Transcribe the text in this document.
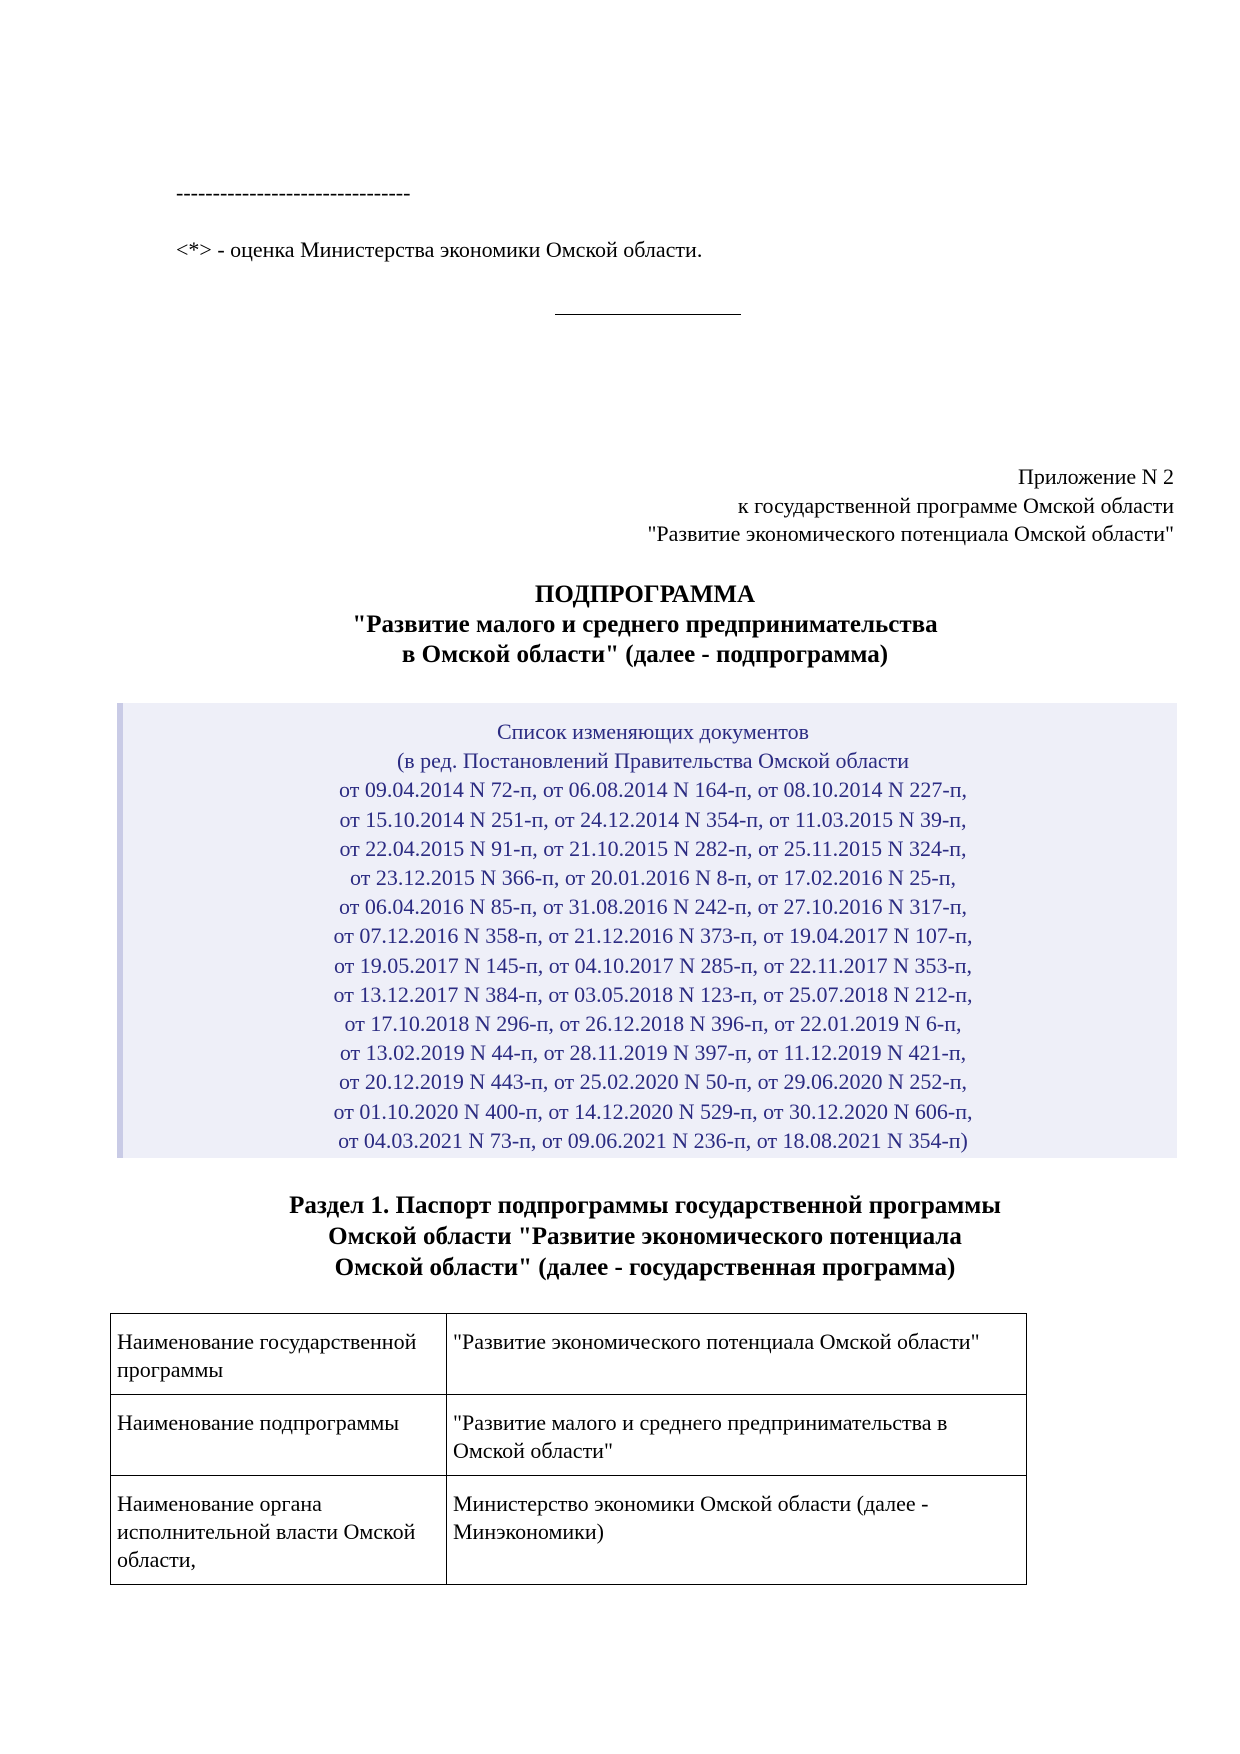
--------------------------------
<*> - оценка Министерства экономики Омской области.
Приложение N 2
к государственной программе Омской области
"Развитие экономического потенциала Омской области"
ПОДПРОГРАММА
"Развитие малого и среднего предпринимательства
в Омской области" (далее - подпрограмма)
Список изменяющих документов
(в ред. Постановлений Правительства Омской области
от 09.04.2014 N 72-п, от 06.08.2014 N 164-п, от 08.10.2014 N 227-п,
от 15.10.2014 N 251-п, от 24.12.2014 N 354-п, от 11.03.2015 N 39-п,
от 22.04.2015 N 91-п, от 21.10.2015 N 282-п, от 25.11.2015 N 324-п,
от 23.12.2015 N 366-п, от 20.01.2016 N 8-п, от 17.02.2016 N 25-п,
от 06.04.2016 N 85-п, от 31.08.2016 N 242-п, от 27.10.2016 N 317-п,
от 07.12.2016 N 358-п, от 21.12.2016 N 373-п, от 19.04.2017 N 107-п,
от 19.05.2017 N 145-п, от 04.10.2017 N 285-п, от 22.11.2017 N 353-п,
от 13.12.2017 N 384-п, от 03.05.2018 N 123-п, от 25.07.2018 N 212-п,
от 17.10.2018 N 296-п, от 26.12.2018 N 396-п, от 22.01.2019 N 6-п,
от 13.02.2019 N 44-п, от 28.11.2019 N 397-п, от 11.12.2019 N 421-п,
от 20.12.2019 N 443-п, от 25.02.2020 N 50-п, от 29.06.2020 N 252-п,
от 01.10.2020 N 400-п, от 14.12.2020 N 529-п, от 30.12.2020 N 606-п,
от 04.03.2021 N 73-п, от 09.06.2021 N 236-п, от 18.08.2021 N 354-п)
Раздел 1. Паспорт подпрограммы государственной программы
Омской области "Развитие экономического потенциала
Омской области" (далее - государственная программа)
Наименование государственной программы	"Развитие экономического потенциала Омской области"
Наименование подпрограммы	"Развитие малого и среднего предпринимательства в Омской области"
Наименование органа исполнительной власти Омской области,	Министерство экономики Омской области (далее - Минэкономики)
